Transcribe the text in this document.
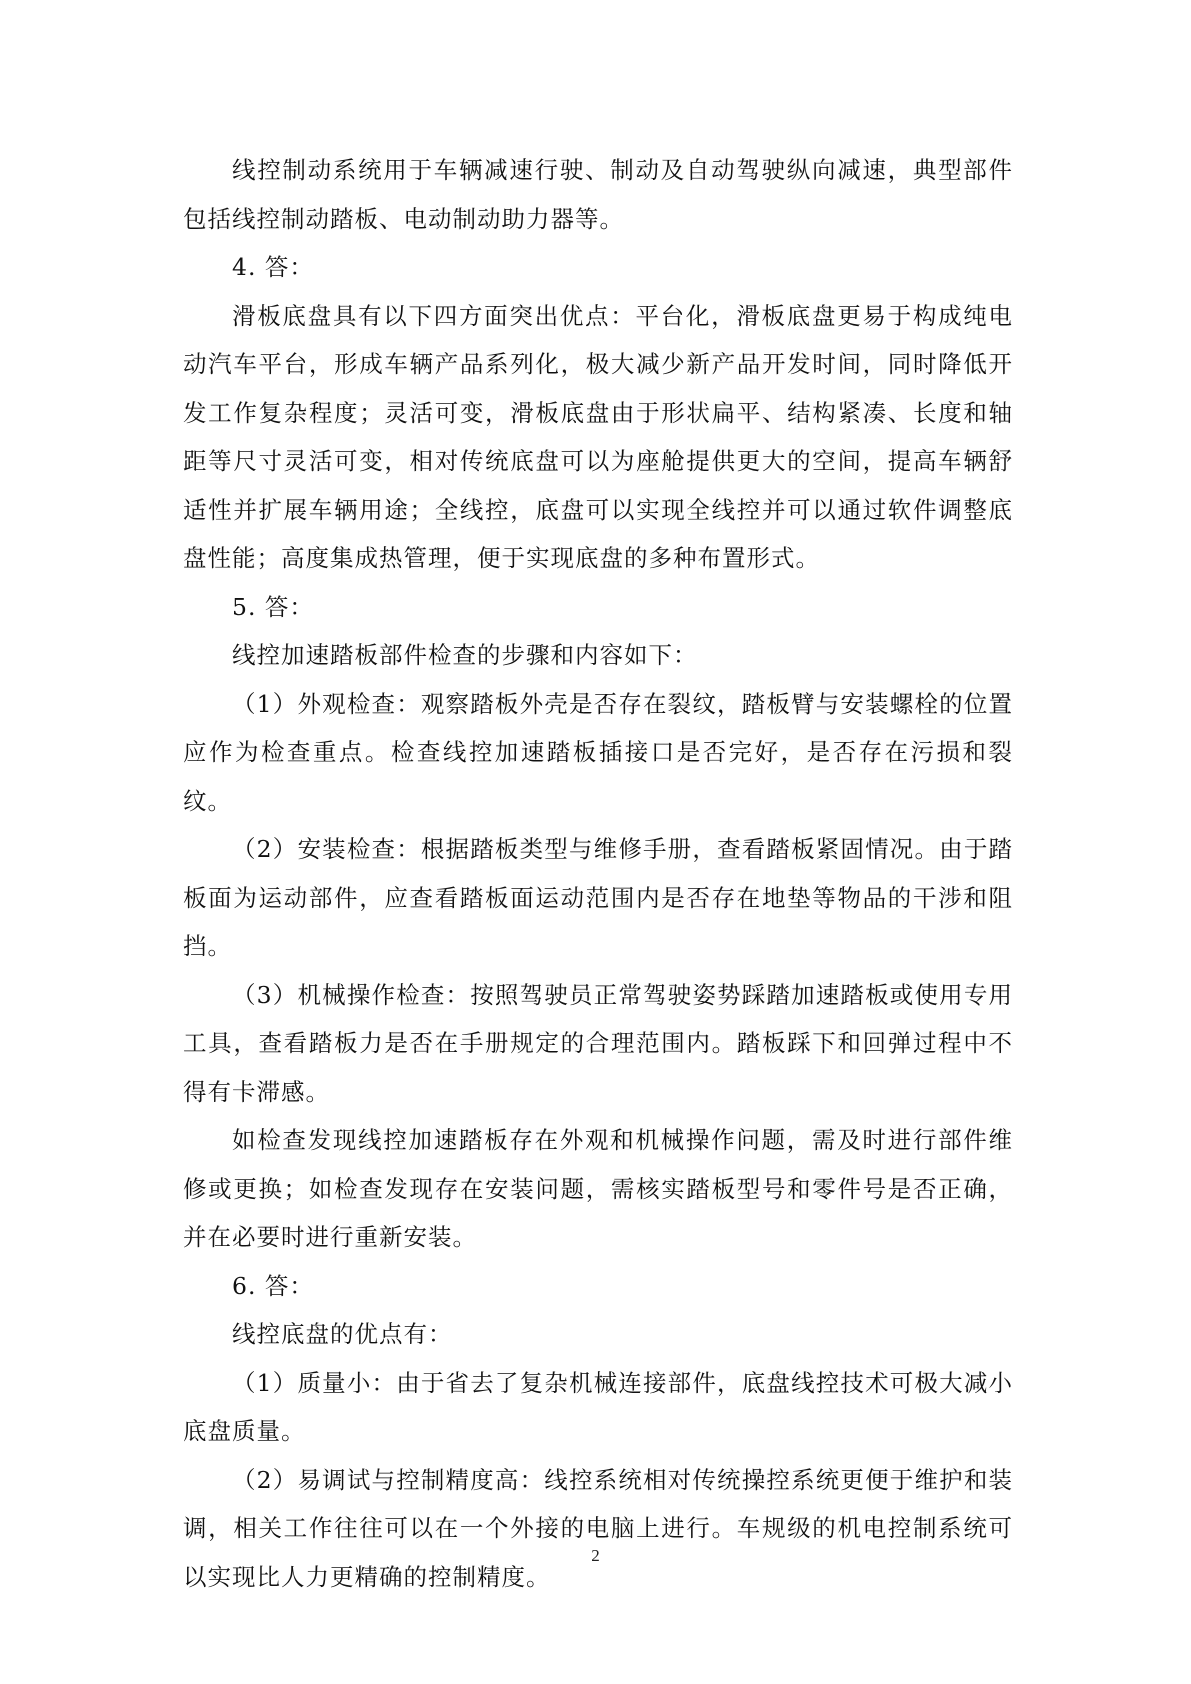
线控制动系统用于车辆减速行驶、制动及自动驾驶纵向减速，典型部件包括线控制动踏板、电动制动助力器等。

4. 答：

滑板底盘具有以下四方面突出优点：平台化，滑板底盘更易于构成纯电动汽车平台，形成车辆产品系列化，极大减少新产品开发时间，同时降低开发工作复杂程度；灵活可变，滑板底盘由于形状扁平、结构紧凑、长度和轴距等尺寸灵活可变，相对传统底盘可以为座舱提供更大的空间，提高车辆舒适性并扩展车辆用途；全线控，底盘可以实现全线控并可以通过软件调整底盘性能；高度集成热管理，便于实现底盘的多种布置形式。

5. 答：

线控加速踏板部件检查的步骤和内容如下：

（1）外观检查：观察踏板外壳是否存在裂纹，踏板臂与安装螺栓的位置应作为检查重点。检查线控加速踏板插接口是否完好，是否存在污损和裂纹。

（2）安装检查：根据踏板类型与维修手册，查看踏板紧固情况。由于踏板面为运动部件，应查看踏板面运动范围内是否存在地垫等物品的干涉和阻挡。

（3）机械操作检查：按照驾驶员正常驾驶姿势踩踏加速踏板或使用专用工具，查看踏板力是否在手册规定的合理范围内。踏板踩下和回弹过程中不得有卡滞感。

如检查发现线控加速踏板存在外观和机械操作问题，需及时进行部件维修或更换；如检查发现存在安装问题，需核实踏板型号和零件号是否正确，并在必要时进行重新安装。

6. 答：

线控底盘的优点有：

（1）质量小：由于省去了复杂机械连接部件，底盘线控技术可极大减小底盘质量。

（2）易调试与控制精度高：线控系统相对传统操控系统更便于维护和装调，相关工作往往可以在一个外接的电脑上进行。车规级的机电控制系统可以实现比人力更精确的控制精度。

2
